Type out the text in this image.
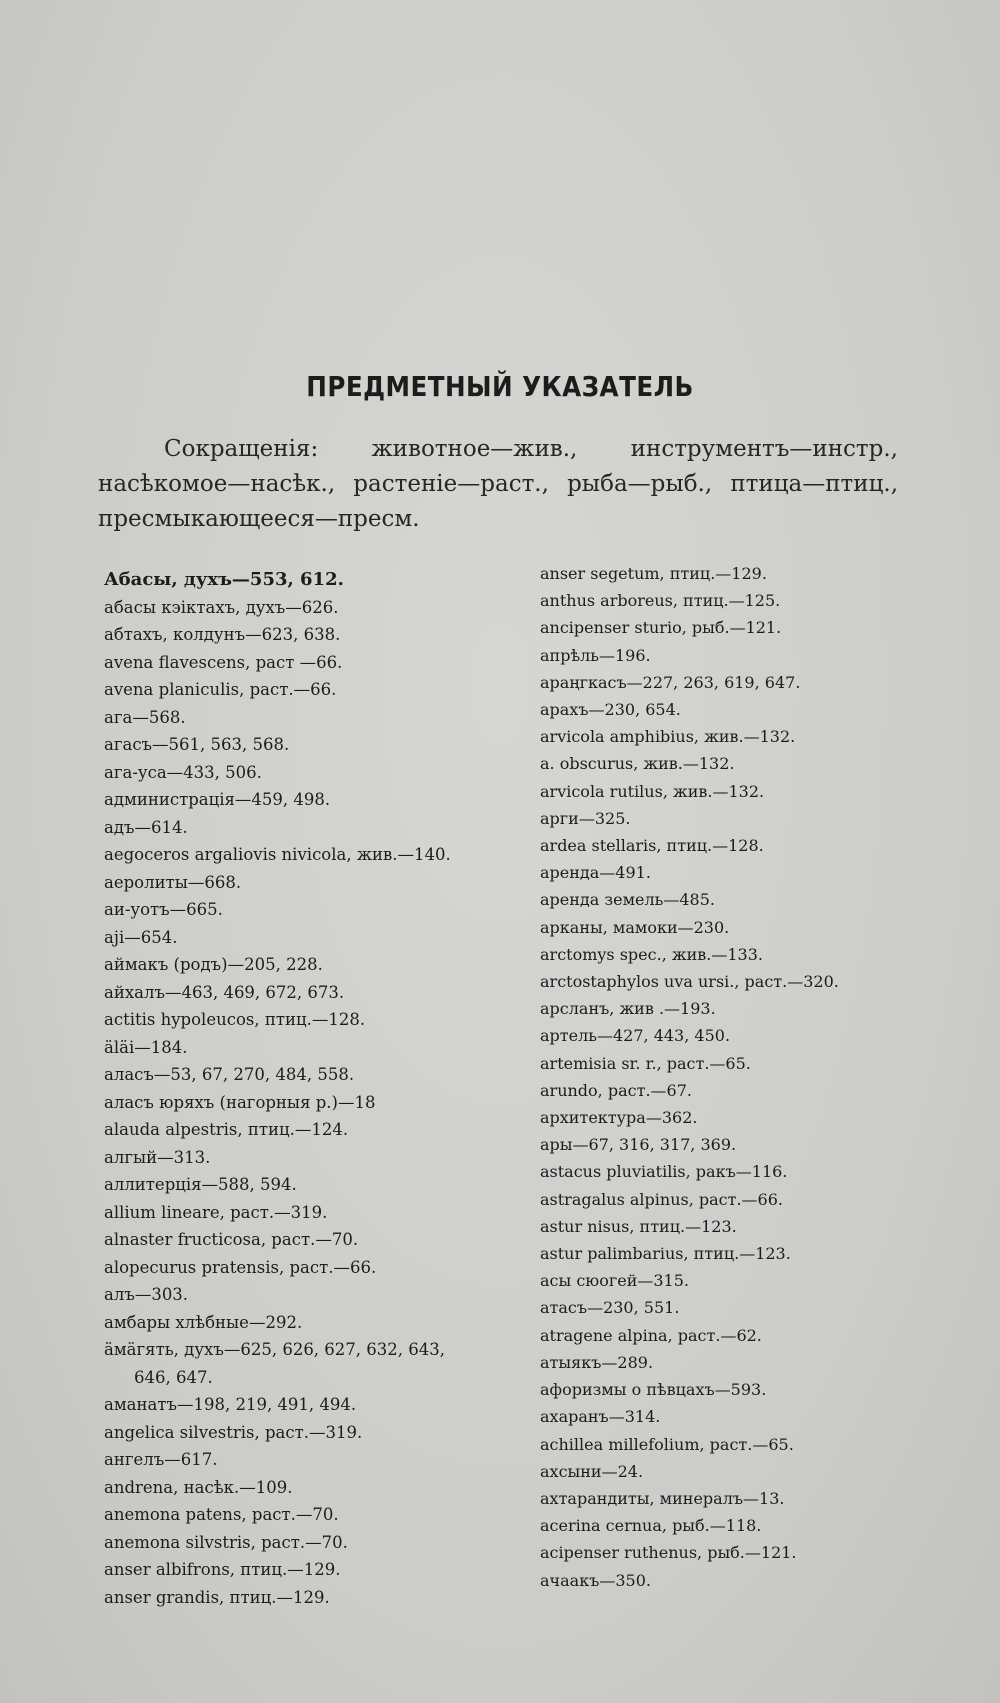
ПРЕДМЕТНЫЙ УКАЗАТЕЛЬ
Сокращенія: животное—жив., инструментъ—инстр., насѣкомое—насѣк., растеніе—раст., рыба—рыб., птица—птиц., пресмыкающееся—пресм.
Абасы, духъ—553, 612.
абасы кэіктахъ, духъ—626.
абтахъ, колдунъ—623, 638.
avena flavescens, раст —66.
avena planiculis, раст.—66.
ага—568.
агасъ—561, 563, 568.
ага-уса—433, 506.
администрація—459, 498.
адъ—614.
aegoceros argaliovis nivicola, жив.—140.
аеролиты—668.
аи-уотъ—665.
aji—654.
аймакъ (родъ)—205, 228.
айхалъ—463, 469, 672, 673.
actitis hypoleucos, птиц.—128.
äläi—184.
аласъ—53, 67, 270, 484, 558.
аласъ юряхъ (нагорныя р.)—18
alauda alpestris, птиц.—124.
алгый—313.
аллитерція—588, 594.
allium lineare, раст.—319.
alnaster fructicosa, раст.—70.
alopecurus pratensis, раст.—66.
алъ—303.
амбары хлѣбные—292.
äмäгять, духъ—625, 626, 627, 632, 643,
646, 647.
аманатъ—198, 219, 491, 494.
angelica silvestris, раст.—319.
ангелъ—617.
andrena, насѣк.—109.
anemona patens, раст.—70.
anemona silvstris, раст.—70.
anser albifrons, птиц.—129.
anser grandis, птиц.—129.
anser segetum, птиц.—129.
anthus arboreus, птиц.—125.
ancipenser sturio, рыб.—121.
апрѣль—196.
араңгкасъ—227, 263, 619, 647.
арахъ—230, 654.
arvicola amphibius, жив.—132.
a. obscurus, жив.—132.
arvicola rutilus, жив.—132.
арги—325.
ardea stellaris, птиц.—128.
аренда—491.
аренда земель—485.
арканы, мамоки—230.
arctomys spec., жив.—133.
arctostaphylos uva ursi., раст.—320.
арсланъ, жив .—193.
артель—427, 443, 450.
artemisia sr. r., раст.—65.
arundo, раст.—67.
архитектура—362.
ары—67, 316, 317, 369.
astacus pluviatilis, ракъ—116.
astragalus alpinus, раст.—66.
astur nisus, птиц.—123.
astur palimbarius, птиц.—123.
асы сюогей—315.
атасъ—230, 551.
atragene alpina, раст.—62.
атыякъ—289.
афоризмы о пѣвцахъ—593.
ахаранъ—314.
achillea millefolium, раст.—65.
ахсыни—24.
ахтарандиты, минералъ—13.
acerina cernua, рыб.—118.
acipenser ruthenus, рыб.—121.
ачаакъ—350.
